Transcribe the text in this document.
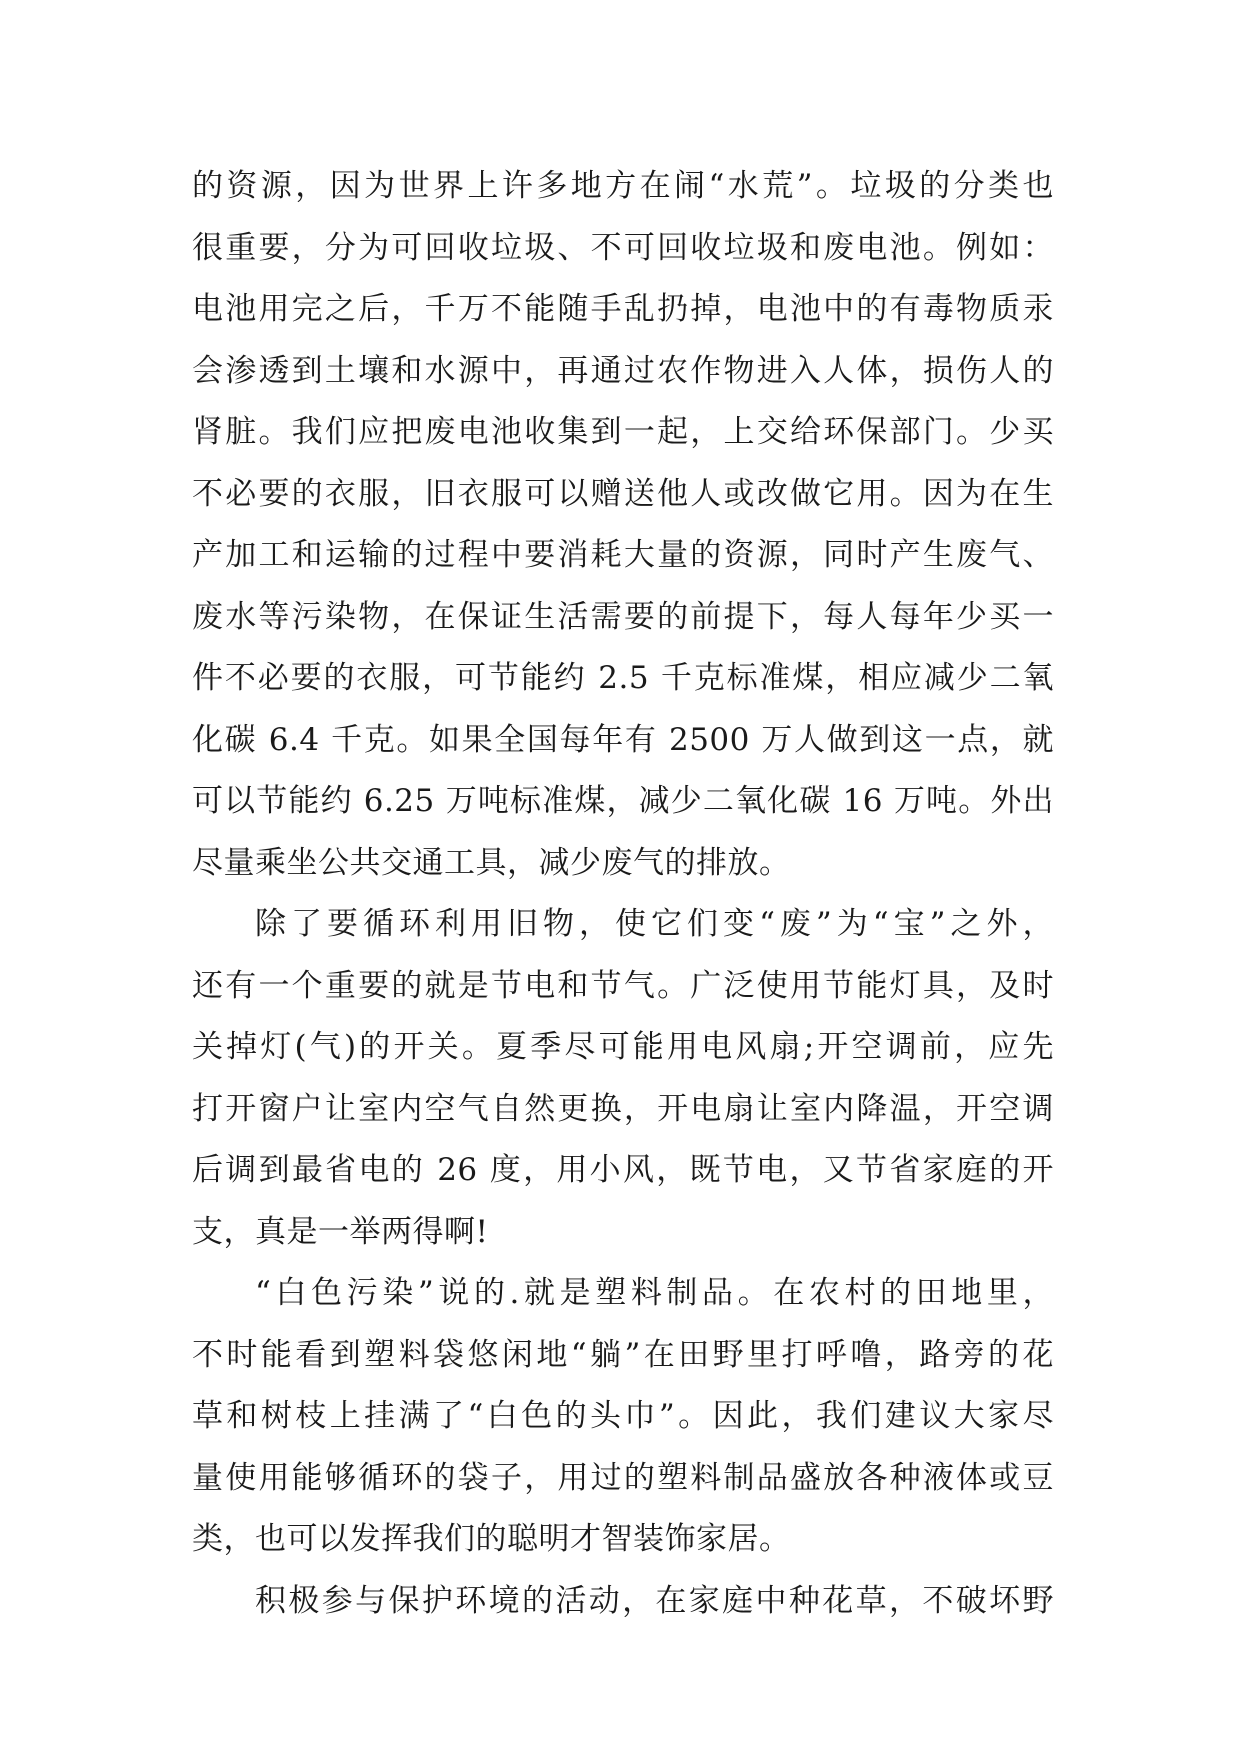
的资源，因为世界上许多地方在闹“水荒”。垃圾的分类也
很重要，分为可回收垃圾、不可回收垃圾和废电池。例如：
电池用完之后，千万不能随手乱扔掉，电池中的有毒物质汞
会渗透到土壤和水源中，再通过农作物进入人体，损伤人的
肾脏。我们应把废电池收集到一起，上交给环保部门。少买
不必要的衣服，旧衣服可以赠送他人或改做它用。因为在生
产加工和运输的过程中要消耗大量的资源，同时产生废气、
废水等污染物，在保证生活需要的前提下，每人每年少买一
件不必要的衣服，可节能约 2.5 千克标准煤，相应减少二氧
化碳 6.4 千克。如果全国每年有 2500 万人做到这一点，就
可以节能约 6.25 万吨标准煤，减少二氧化碳 16 万吨。外出
尽量乘坐公共交通工具，减少废气的排放。
除了要循环利用旧物，使它们变“废”为“宝”之外，
还有一个重要的就是节电和节气。广泛使用节能灯具，及时
关掉灯(气)的开关。夏季尽可能用电风扇;开空调前，应先
打开窗户让室内空气自然更换，开电扇让室内降温，开空调
后调到最省电的 26 度，用小风，既节电，又节省家庭的开
支，真是一举两得啊!
“白色污染”说的.就是塑料制品。在农村的田地里，
不时能看到塑料袋悠闲地“躺”在田野里打呼噜，路旁的花
草和树枝上挂满了“白色的头巾”。因此，我们建议大家尽
量使用能够循环的袋子，用过的塑料制品盛放各种液体或豆
类，也可以发挥我们的聪明才智装饰家居。
积极参与保护环境的活动，在家庭中种花草，不破坏野
